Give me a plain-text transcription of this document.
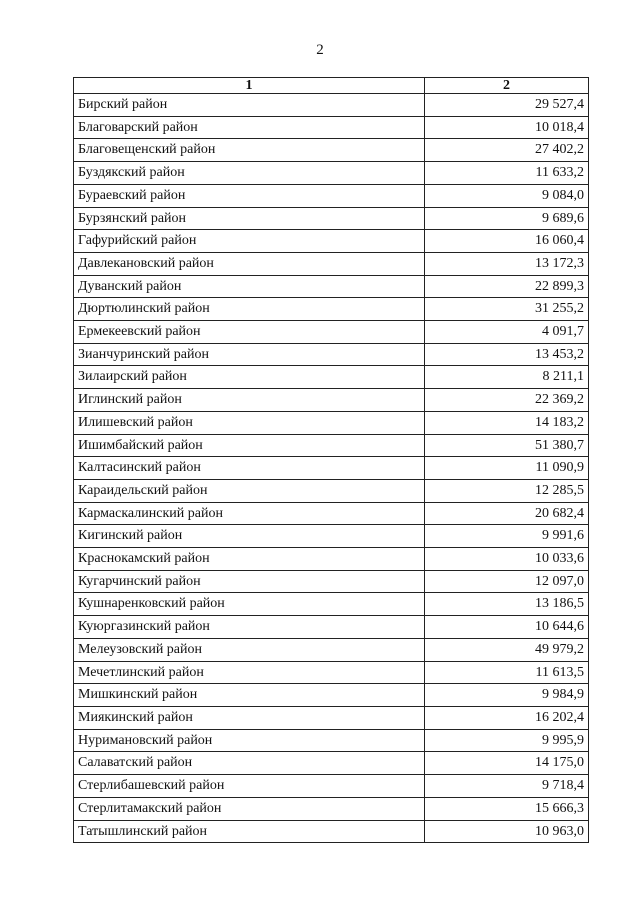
2
1	2
Бирский район	29 527,4
Благоварский район	10 018,4
Благовещенский район	27 402,2
Буздякский район	11 633,2
Бураевский район	9 084,0
Бурзянский район	9 689,6
Гафурийский район	16 060,4
Давлекановский район	13 172,3
Дуванский район	22 899,3
Дюртюлинский район	31 255,2
Ермекеевский район	4 091,7
Зианчуринский район	13 453,2
Зилаирский район	8 211,1
Иглинский район	22 369,2
Илишевский район	14 183,2
Ишимбайский район	51 380,7
Калтасинский район	11 090,9
Караидельский район	12 285,5
Кармаскалинский район	20 682,4
Кигинский район	9 991,6
Краснокамский район	10 033,6
Кугарчинский район	12 097,0
Кушнаренковский район	13 186,5
Куюргазинский район	10 644,6
Мелеузовский район	49 979,2
Мечетлинский район	11 613,5
Мишкинский район	9 984,9
Миякинский район	16 202,4
Нуримановский район	9 995,9
Салаватский район	14 175,0
Стерлибашевский район	9 718,4
Стерлитамакский район	15 666,3
Татышлинский район	10 963,0
